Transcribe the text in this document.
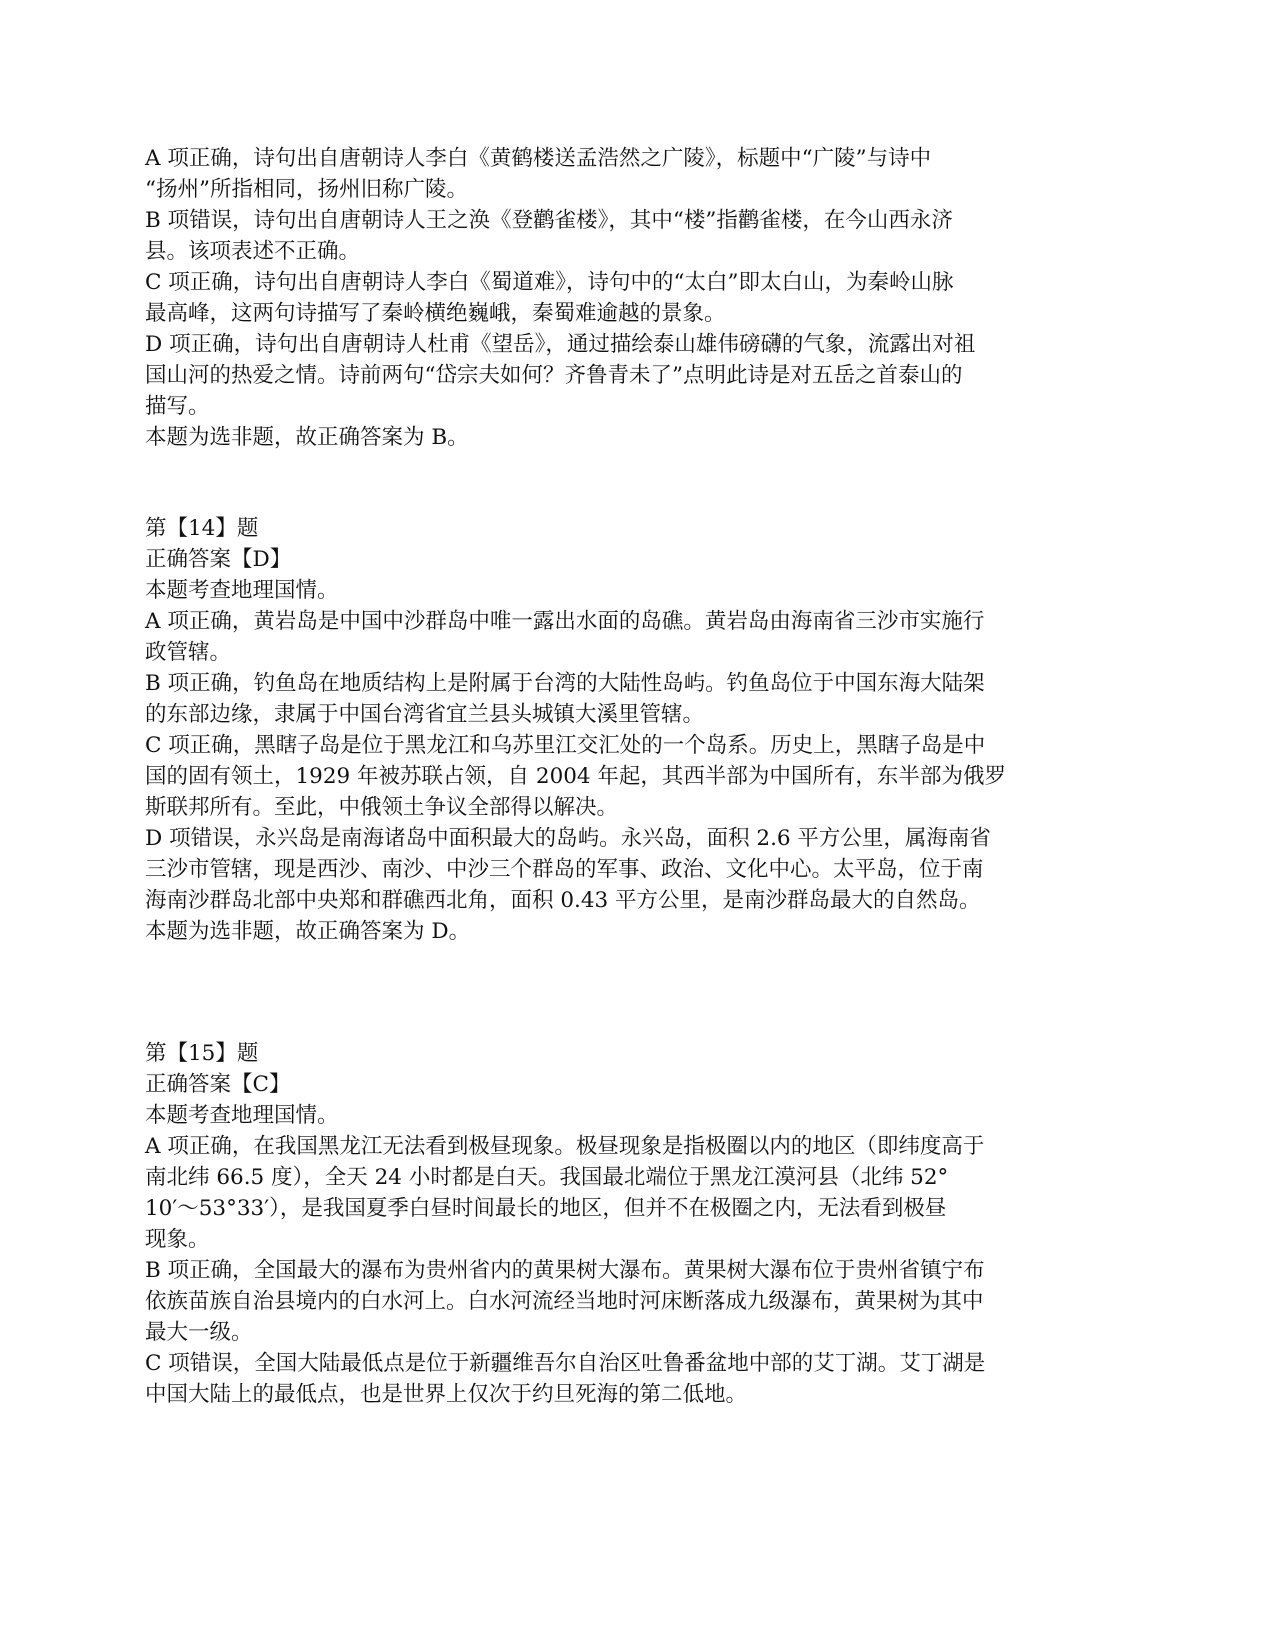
A 项正确，诗句出自唐朝诗人李白《黄鹤楼送孟浩然之广陵》，标题中“广陵”与诗中
“扬州”所指相同，扬州旧称广陵。
B 项错误，诗句出自唐朝诗人王之涣《登鹳雀楼》，其中“楼”指鹳雀楼，在今山西永济
县。该项表述不正确。
C 项正确，诗句出自唐朝诗人李白《蜀道难》，诗句中的“太白”即太白山，为秦岭山脉
最高峰，这两句诗描写了秦岭横绝巍峨，秦蜀难逾越的景象。
D 项正确，诗句出自唐朝诗人杜甫《望岳》，通过描绘泰山雄伟磅礴的气象，流露出对祖
国山河的热爱之情。诗前两句“岱宗夫如何？齐鲁青未了”点明此诗是对五岳之首泰山的
描写。
本题为选非题，故正确答案为 B。
第【14】题
正确答案【D】
本题考查地理国情。
A 项正确，黄岩岛是中国中沙群岛中唯一露出水面的岛礁。黄岩岛由海南省三沙市实施行
政管辖。
B 项正确，钓鱼岛在地质结构上是附属于台湾的大陆性岛屿。钓鱼岛位于中国东海大陆架
的东部边缘，隶属于中国台湾省宜兰县头城镇大溪里管辖。
C 项正确，黑瞎子岛是位于黑龙江和乌苏里江交汇处的一个岛系。历史上，黑瞎子岛是中
国的固有领土，1929 年被苏联占领，自 2004 年起，其西半部为中国所有，东半部为俄罗
斯联邦所有。至此，中俄领土争议全部得以解决。
D 项错误，永兴岛是南海诸岛中面积最大的岛屿。永兴岛，面积 2.6 平方公里，属海南省
三沙市管辖，现是西沙、南沙、中沙三个群岛的军事、政治、文化中心。太平岛，位于南
海南沙群岛北部中央郑和群礁西北角，面积 0.43 平方公里，是南沙群岛最大的自然岛。
本题为选非题，故正确答案为 D。
第【15】题
正确答案【C】
本题考查地理国情。
A 项正确，在我国黑龙江无法看到极昼现象。极昼现象是指极圈以内的地区（即纬度高于
南北纬 66.5 度），全天 24 小时都是白天。我国最北端位于黑龙江漠河县（北纬 52°
10′～53°33′），是我国夏季白昼时间最长的地区，但并不在极圈之内，无法看到极昼
现象。
B 项正确，全国最大的瀑布为贵州省内的黄果树大瀑布。黄果树大瀑布位于贵州省镇宁布
依族苗族自治县境内的白水河上。白水河流经当地时河床断落成九级瀑布，黄果树为其中
最大一级。
C 项错误，全国大陆最低点是位于新疆维吾尔自治区吐鲁番盆地中部的艾丁湖。艾丁湖是
中国大陆上的最低点，也是世界上仅次于约旦死海的第二低地。
